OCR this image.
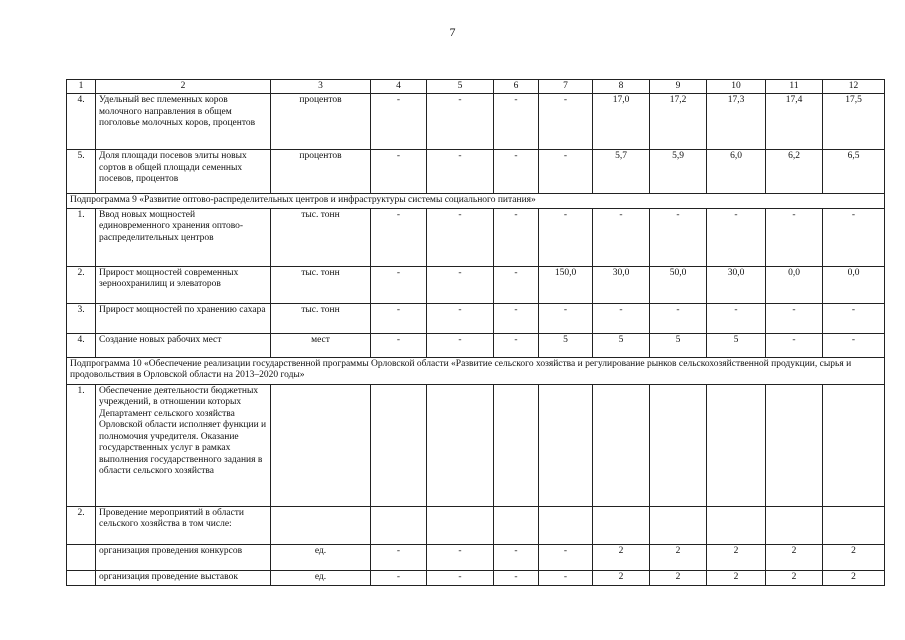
7
1	2	3	4	5	6	7	8	9	10	11	12
4.	Удельный вес племенных коров молочного направления в общем поголовье молочных коров, процентов	процентов	-	-	-	-	17,0	17,2	17,3	17,4	17,5
5.	Доля площади посевов элиты новых сортов в общей площади семенных посевов, процентов	процентов	-	-	-	-	5,7	5,9	6,0	6,2	6,5
Подпрограмма 9 «Развитие оптово-распределительных центров и инфраструктуры системы социального питания»											
1.	Ввод новых мощностей единовременного хранения оптово-распределительных центров	тыс. тонн	-	-	-	-	-	-	-	-	-
2.	Прирост мощностей современных зерноохранилищ и элеваторов	тыс. тонн	-	-	-	150,0	30,0	50,0	30,0	0,0	0,0
3.	Прирост мощностей по хранению сахара	тыс. тонн	-	-	-	-	-	-	-	-	-
4.	Создание новых рабочих мест	мест	-	-	-	5	5	5	5	-	-
Подпрограмма 10 «Обеспечение реализации государственной программы Орловской области «Развитие сельского хозяйства и регулирование рынков сельскохозяйственной продукции, сырья и продовольствия в Орловской области на 2013–2020 годы»											
1.	Обеспечение деятельности бюджетных учреждений, в отношении которых Департамент сельского хозяйства Орловской области исполняет функции и полномочия учредителя. Оказание государственных услуг в рамках выполнения государственного задания в области сельского хозяйства										
2.	Проведение мероприятий в области сельского хозяйства в том числе:										
	организация проведения конкурсов	ед.	-	-	-	-	2	2	2	2	2
	организация проведение выставок	ед.	-	-	-	-	2	2	2	2	2
